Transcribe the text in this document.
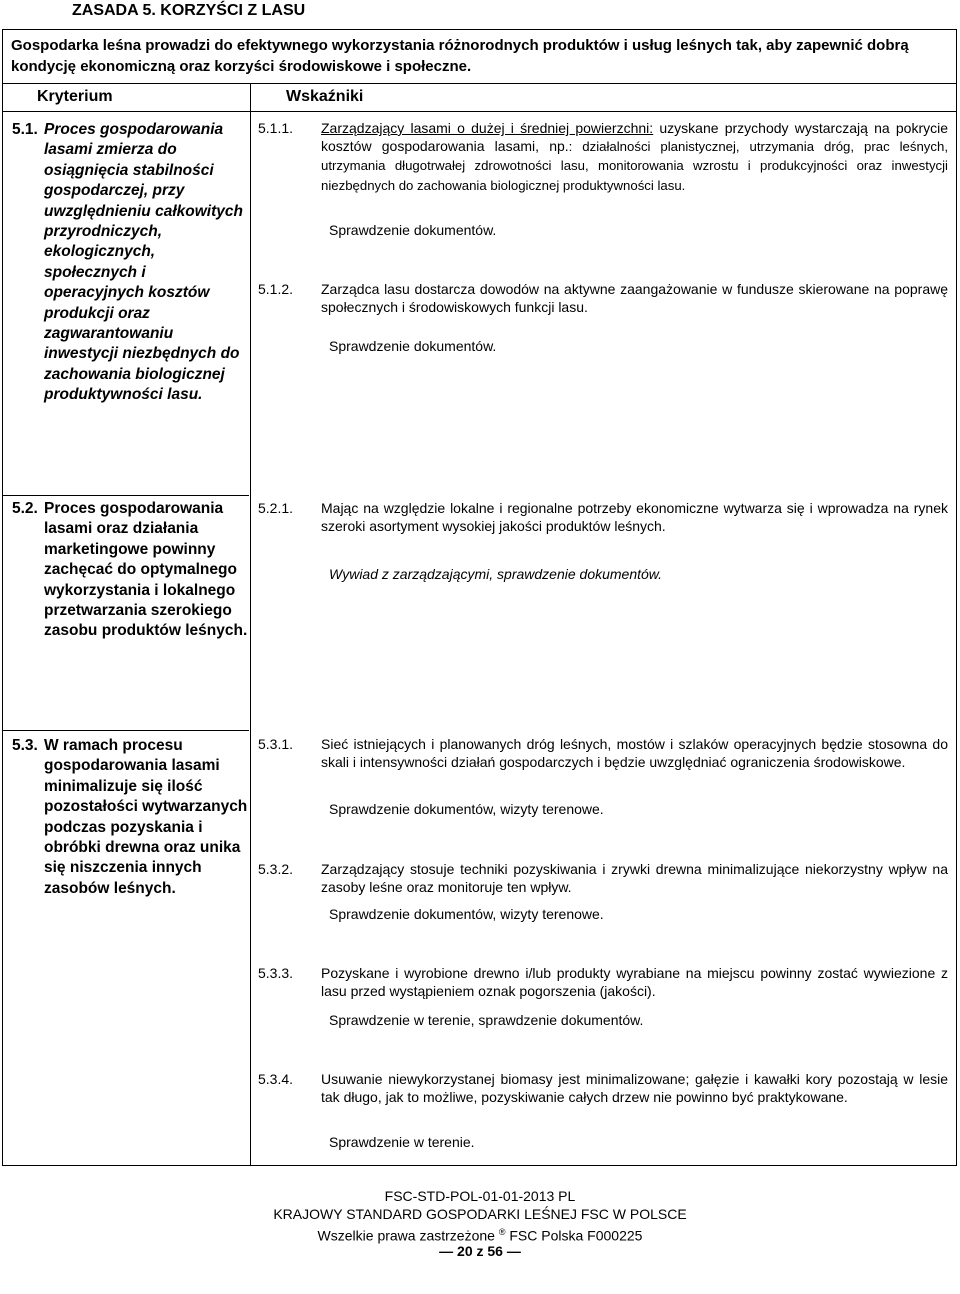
ZASADA 5. KORZYŚCI Z LASU
Gospodarka leśna prowadzi do efektywnego wykorzystania różnorodnych produktów i usług leśnych tak, aby zapewnić dobrą kondycję ekonomiczną oraz korzyści środowiskowe i społeczne.
Kryterium	Wskaźniki
5.1. Proces gospodarowania lasami zmierza do osiągnięcia stabilności gospodarczej, przy uwzględnieniu całkowitych przyrodniczych, ekologicznych, społecznych i operacyjnych kosztów produkcji oraz zagwarantowaniu inwestycji niezbędnych do zachowania biologicznej produktywności lasu.
5.2. Proces gospodarowania lasami oraz działania marketingowe powinny zachęcać do optymalnego wykorzystania i lokalnego przetwarzania szerokiego zasobu produktów leśnych.
5.3. W ramach procesu gospodarowania lasami minimalizuje się ilość pozostałości wytwarzanych podczas pozyskania i obróbki drewna oraz unika się niszczenia innych zasobów leśnych.
5.1.1. Zarządzający lasami o dużej i średniej powierzchni: uzyskane przychody wystarczają na pokrycie kosztów gospodarowania lasami, np.: działalności planistycznej, utrzymania dróg, prac leśnych, utrzymania długotrwałej zdrowotności lasu, monitorowania wzrostu i produkcyjności oraz inwestycji niezbędnych do zachowania biologicznej produktywności lasu.
Sprawdzenie dokumentów.
5.1.2. Zarządca lasu dostarcza dowodów na aktywne zaangażowanie w fundusze skierowane na poprawę społecznych i środowiskowych funkcji lasu.
Sprawdzenie dokumentów.
5.2.1. Mając na względzie lokalne i regionalne potrzeby ekonomiczne wytwarza się i wprowadza na rynek szeroki asortyment wysokiej jakości produktów leśnych.
Wywiad z zarządzającymi, sprawdzenie dokumentów.
5.3.1. Sieć istniejących i planowanych dróg leśnych, mostów i szlaków operacyjnych będzie stosowna do skali i intensywności działań gospodarczych i będzie uwzględniać ograniczenia środowiskowe.
Sprawdzenie dokumentów, wizyty terenowe.
5.3.2. Zarządzający stosuje techniki pozyskiwania i zrywki drewna minimalizujące niekorzystny wpływ na zasoby leśne oraz monitoruje ten wpływ.
Sprawdzenie dokumentów, wizyty terenowe.
5.3.3. Pozyskane i wyrobione drewno i/lub produkty wyrabiane na miejscu powinny zostać wywiezione z lasu przed wystąpieniem oznak pogorszenia (jakości).
Sprawdzenie w terenie, sprawdzenie dokumentów.
5.3.4. Usuwanie niewykorzystanej biomasy jest minimalizowane; gałęzie i kawałki kory pozostają w lesie tak długo, jak to możliwe, pozyskiwanie całych drzew nie powinno być praktykowane.
Sprawdzenie w terenie.
FSC-STD-POL-01-01-2013 PL
KRAJOWY STANDARD GOSPODARKI LEŚNEJ FSC W POLSCE
Wszelkie prawa zastrzeżone ® FSC Polska F000225
— 20 z 56 —
